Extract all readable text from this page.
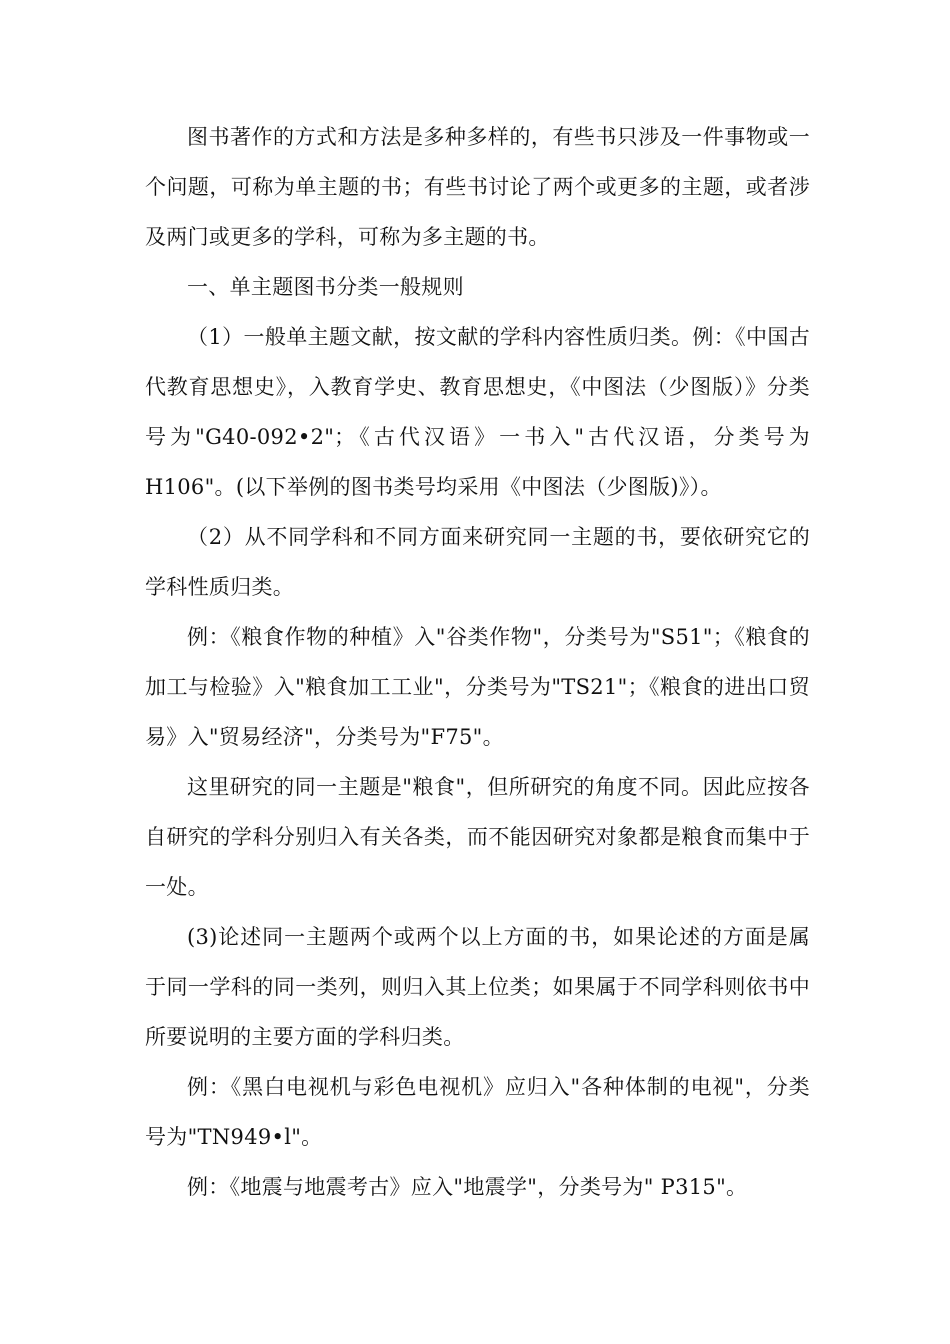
图书著作的方式和方法是多种多样的，有些书只涉及一件事物或一个问题，可称为单主题的书；有些书讨论了两个或更多的主题，或者涉及两门或更多的学科，可称为多主题的书。

一、单主题图书分类一般规则

（1）一般单主题文献，按文献的学科内容性质归类。例：《中国古代教育思想史》，入教育学史、教育思想史，《中图法（少图版）》分类号为"G40-092•2"；《古代汉语》一书入"古代汉语，分类号为H106"。(以下举例的图书类号均采用《中图法（少图版)》）。

（2）从不同学科和不同方面来研究同一主题的书，要依研究它的学科性质归类。

例：《粮食作物的种植》入"谷类作物"，分类号为"S51"；《粮食的加工与检验》入"粮食加工工业"，分类号为"TS21"；《粮食的进出口贸易》入"贸易经济"，分类号为"F75"。

这里研究的同一主题是"粮食"，但所研究的角度不同。因此应按各自研究的学科分别归入有关各类，而不能因研究对象都是粮食而集中于一处。

(3)论述同一主题两个或两个以上方面的书，如果论述的方面是属于同一学科的同一类列，则归入其上位类；如果属于不同学科则依书中所要说明的主要方面的学科归类。

例：《黑白电视机与彩色电视机》应归入"各种体制的电视"，分类号为"TN949•l"。

例：《地震与地震考古》应入"地震学"，分类号为" P315"。
